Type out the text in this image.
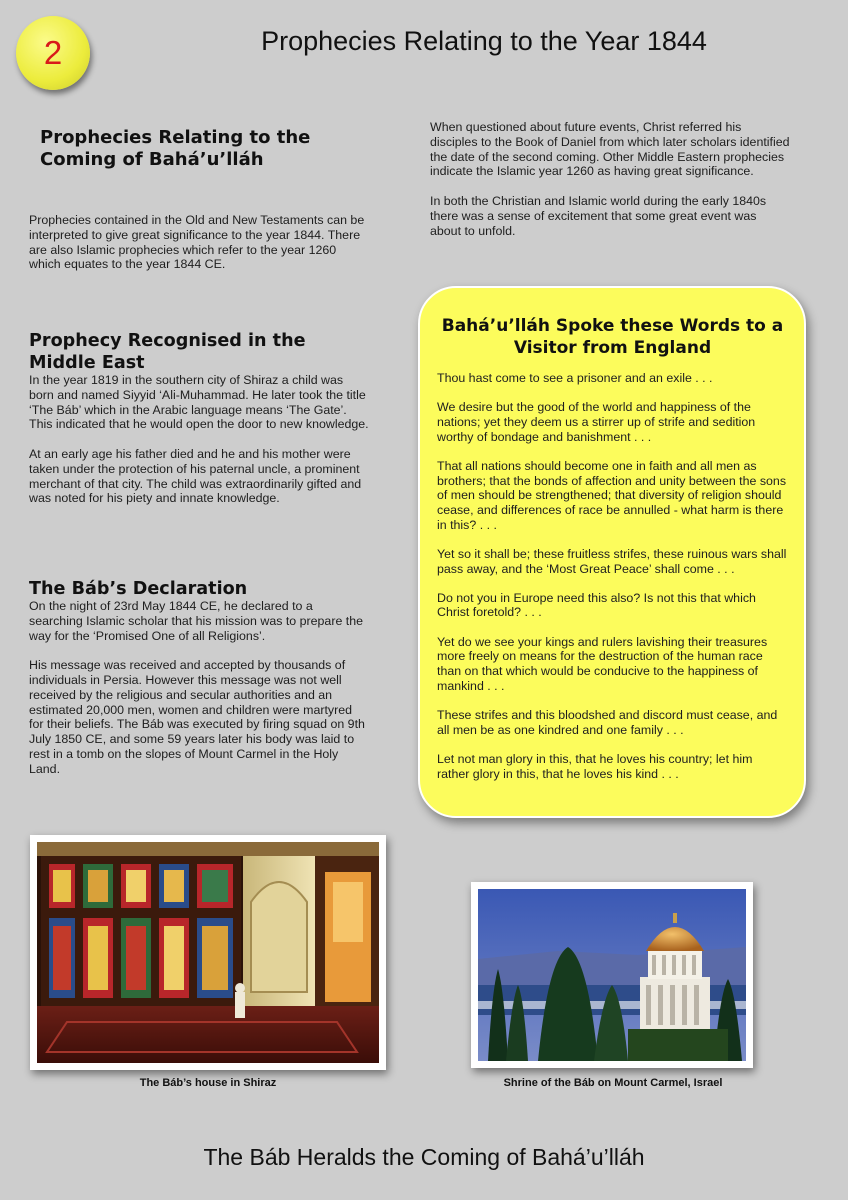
2	Prophecies Relating to the Year 1844
Prophecies Relating to the Coming of Bahá’u’lláh

Prophecies contained in the Old and New Testaments can be interpreted to give great significance to the year 1844. There are also Islamic prophecies which refer to the year 1260 which equates to the year 1844 CE.

Prophecy Recognised in the Middle East

In the year 1819 in the southern city of Shiraz a child was born and named Siyyid ‘Ali-Muhammad. He later took the title ‘The Báb’ which in the Arabic language means ‘The Gate’. This indicated that he would open the door to new knowledge.

At an early age his father died and he and his mother were taken under the protection of his paternal uncle, a prominent merchant of that city. The child was extraordinarily gifted and was noted for his piety and innate knowledge.

The Báb’s Declaration

On the night of 23rd May 1844 CE, he declared to a searching Islamic scholar that his mission was to prepare the way for the ‘Promised One of all Religions’.

His message was received and accepted by thousands of individuals in Persia. However this message was not well received by the religious and secular authorities and an estimated 20,000 men, women and children were martyred for their beliefs. The Báb was executed by firing squad on 9th July 1850 CE, and some 59 years later his body was laid to rest in a tomb on the slopes of Mount Carmel in the Holy Land.

When questioned about future events, Christ referred his disciples to the Book of Daniel from which later scholars identified the date of the second coming. Other Middle Eastern prophecies indicate the Islamic year 1260 as having great significance.

In both the Christian and Islamic world during the early 1840s there was a sense of excitement that some great event was about to unfold.

Bahá’u’lláh Spoke these Words to a Visitor from England

Thou hast come to see a prisoner and an exile . . .

We desire but the good of the world and happiness of the nations; yet they deem us a stirrer up of strife and sedition worthy of bondage and banishment . . .

That all nations should become one in faith and all men as brothers; that the bonds of affection and unity between the sons of men should be strengthened; that diversity of religion should cease, and differences of race be annulled - what harm is there in this? . . .

Yet so it shall be; these fruitless strifes, these ruinous wars shall pass away, and the ‘Most Great Peace’ shall come . . .

Do not you in Europe need this also? Is not this that which Christ foretold? . . .

Yet do we see your kings and rulers lavishing their treasures more freely on means for the destruction of the human race than on that which would be conducive to the happiness of mankind . . .

These strifes and this bloodshed and discord must cease, and all men be as one kindred and one family . . .

Let not man glory in this, that he loves his country; let him rather glory in this, that he loves his kind . . .

The Báb’s house in Shiraz	Shrine of the Báb on Mount Carmel, Israel

The Báb Heralds the Coming of Bahá’u’lláh
